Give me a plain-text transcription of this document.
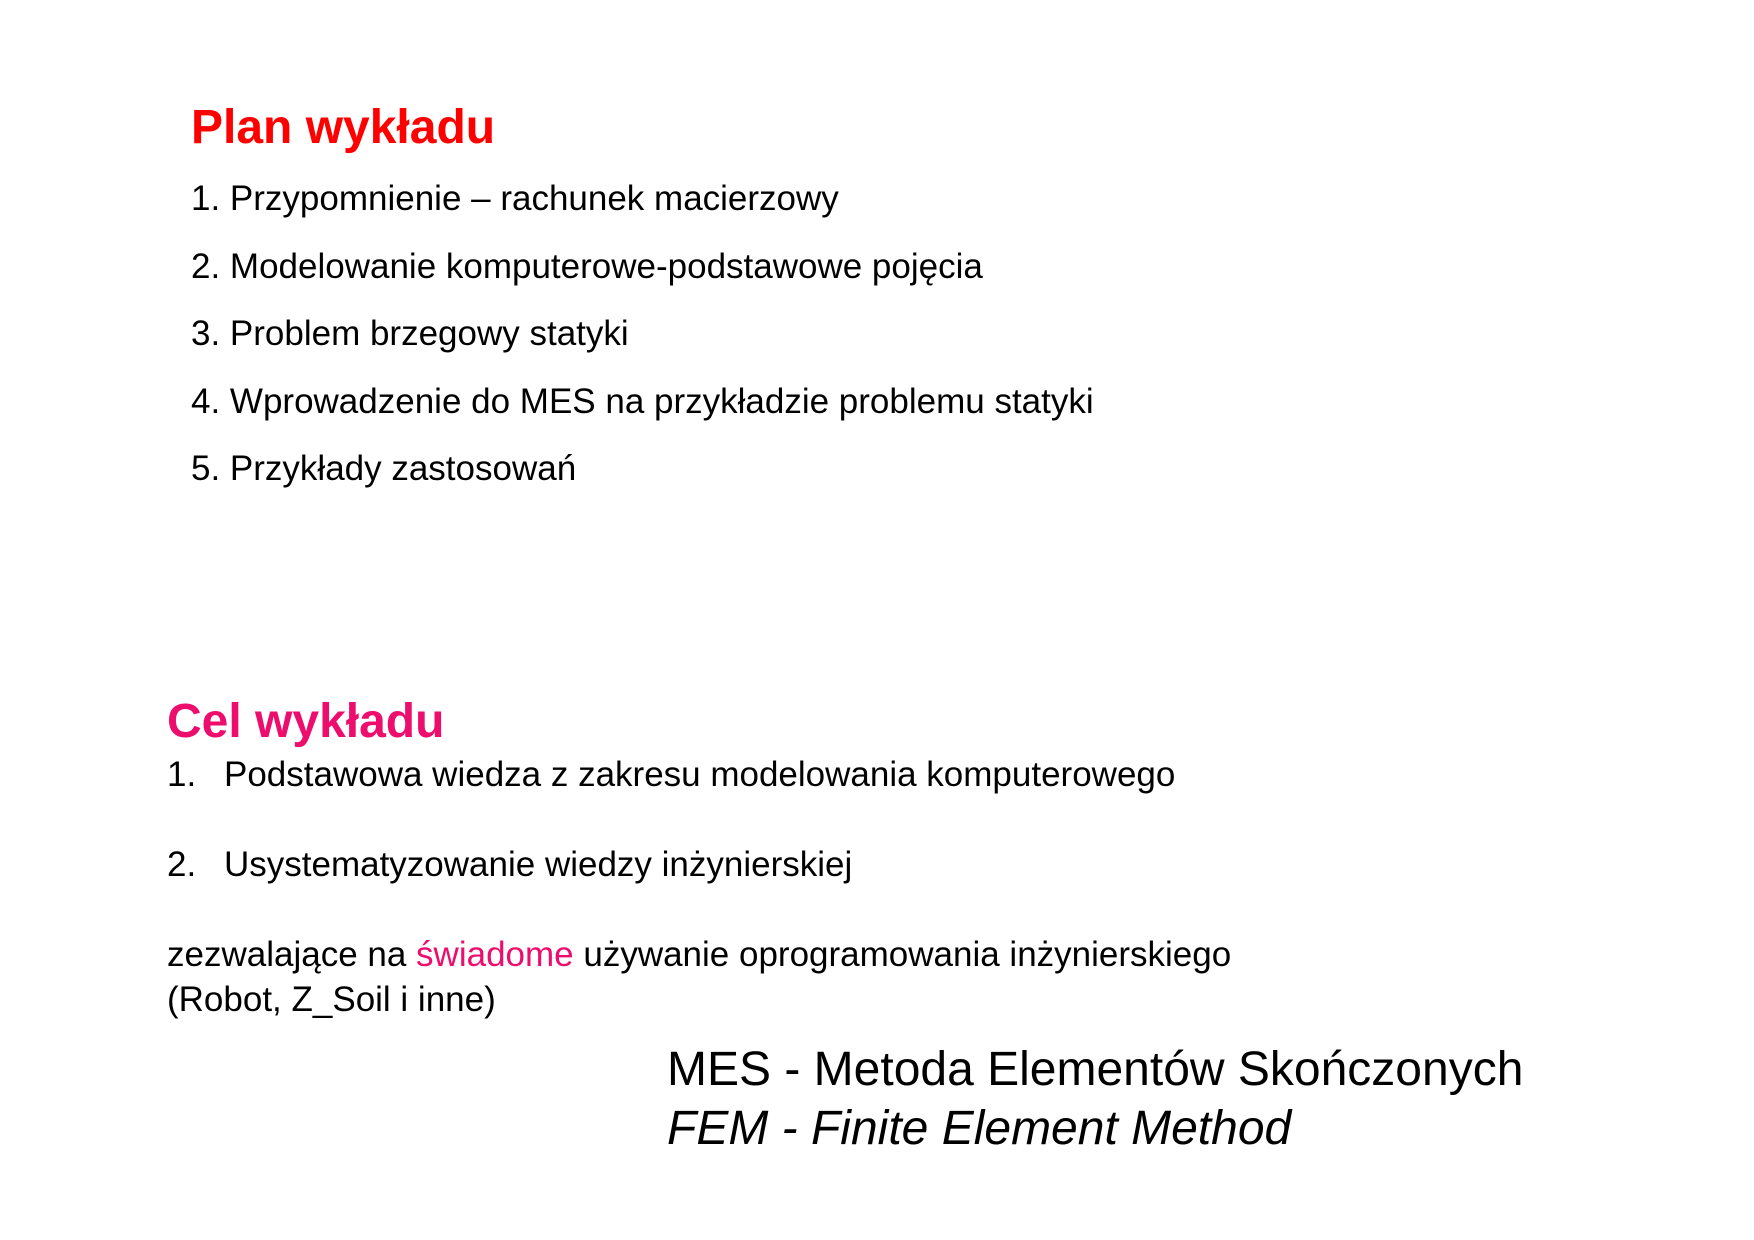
Plan wykładu
1. Przypomnienie – rachunek macierzowy
2. Modelowanie komputerowe-podstawowe pojęcia
3. Problem brzegowy statyki
4. Wprowadzenie do MES na przykładzie problemu statyki
5. Przykłady zastosowań
Cel wykładu
1. Podstawowa wiedza z zakresu modelowania komputerowego
2. Usystematyzowanie wiedzy inżynierskiej
zezwalające na świadome używanie oprogramowania inżynierskiego
(Robot, Z_Soil i inne)
MES - Metoda Elementów Skończonych
FEM - Finite Element Method
